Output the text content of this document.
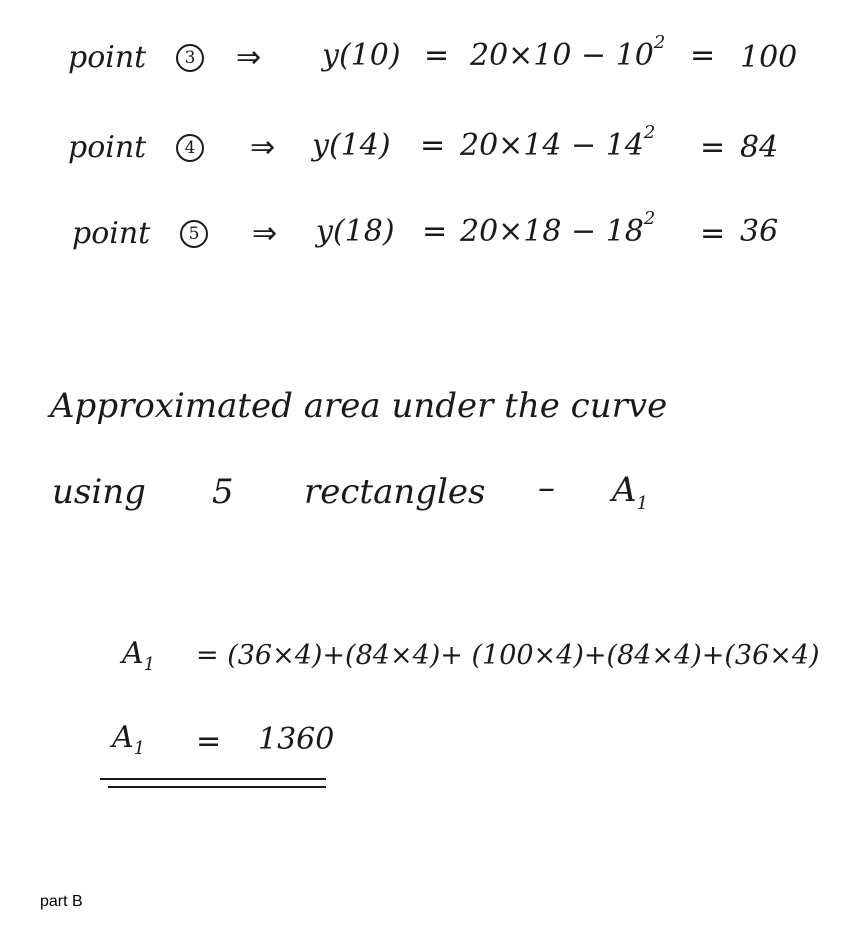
point	3 ⇒ $y(10) = 20\times 10 - 10^2 = 100$
point	4 ⇒ $y(14) = 20\times 14 - 14^2 = 84$
point	5 ⇒ $y(18) = 20\times 18 - 18^2 = 36$
Approximated area under the curve
using 5 rectangles – $A_1$
$A_1 = (36\times 4)+(84\times 4)+ (100\times 4)+(84\times 4)+(36\times 4)$
$A_1 = 1360$
part B
